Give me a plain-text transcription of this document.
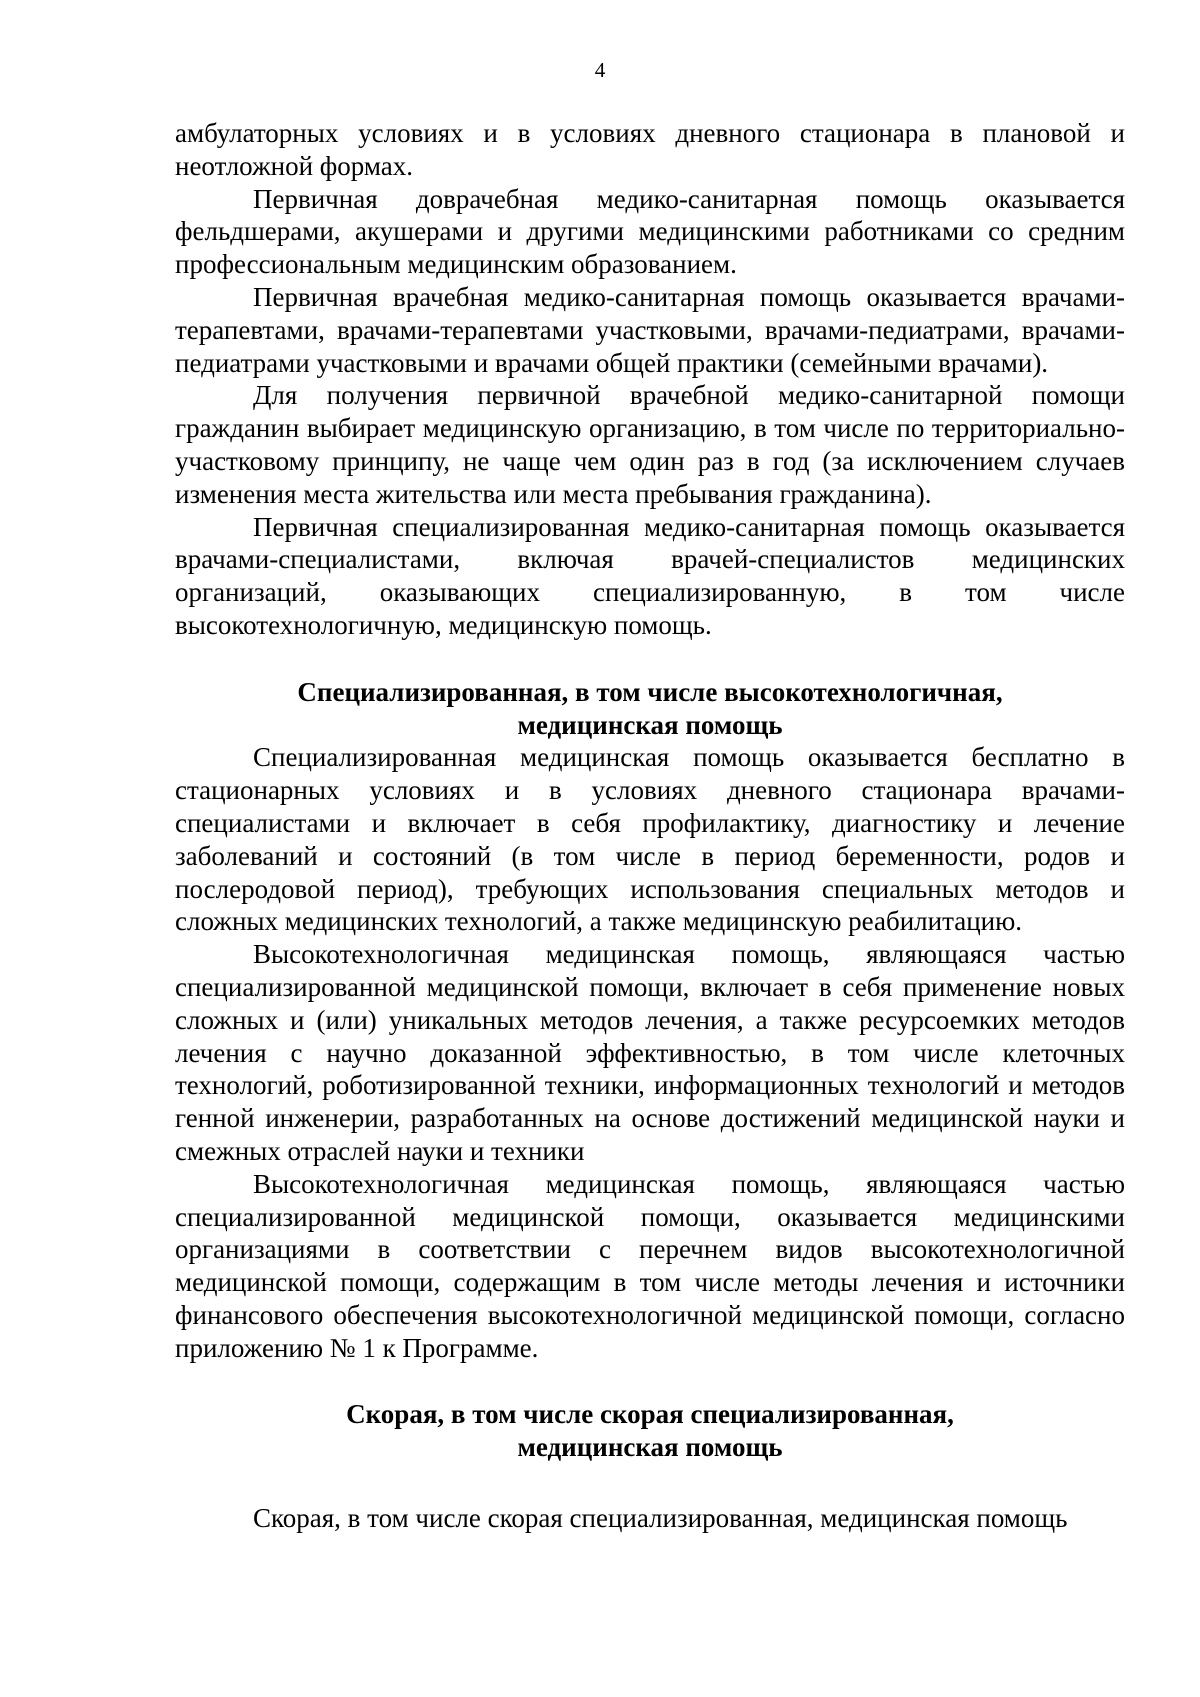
4

амбулаторных условиях и в условиях дневного стационара в плановой и неотложной формах.

Первичная доврачебная медико-санитарная помощь оказывается фельдшерами, акушерами и другими медицинскими работниками со средним профессиональным медицинским образованием.

Первичная врачебная медико-санитарная помощь оказывается врачами-терапевтами, врачами-терапевтами участковыми, врачами-педиатрами, врачами-педиатрами участковыми и врачами общей практики (семейными врачами).

Для получения первичной врачебной медико-санитарной помощи гражданин выбирает медицинскую организацию, в том числе по территориально-участковому принципу, не чаще чем один раз в год (за исключением случаев изменения места жительства или места пребывания гражданина).

Первичная специализированная медико-санитарная помощь оказывается врачами-специалистами, включая врачей-специалистов медицинских организаций, оказывающих специализированную, в том числе высокотехнологичную, медицинскую помощь.

Специализированная, в том числе высокотехнологичная,

медицинская помощь

Специализированная медицинская помощь оказывается бесплатно в стационарных условиях и в условиях дневного стационара врачами-специалистами и включает в себя профилактику, диагностику и лечение заболеваний и состояний (в том числе в период беременности, родов и послеродовой период), требующих использования специальных методов и сложных медицинских технологий, а также медицинскую реабилитацию.

Высокотехнологичная медицинская помощь, являющаяся частью специализированной медицинской помощи, включает в себя применение новых сложных и (или) уникальных методов лечения, а также ресурсоемких методов лечения с научно доказанной эффективностью, в том числе клеточных технологий, роботизированной техники, информационных технологий и методов генной инженерии, разработанных на основе достижений медицинской науки и смежных отраслей науки и техники

Высокотехнологичная медицинская помощь, являющаяся частью специализированной медицинской помощи, оказывается медицинскими организациями в соответствии с перечнем видов высокотехнологичной медицинской помощи, содержащим в том числе методы лечения и источники финансового обеспечения высокотехнологичной медицинской помощи, согласно приложению № 1 к Программе.

Скорая, в том числе скорая специализированная,

медицинская помощь

Скорая, в том числе скорая специализированная, медицинская помощь
